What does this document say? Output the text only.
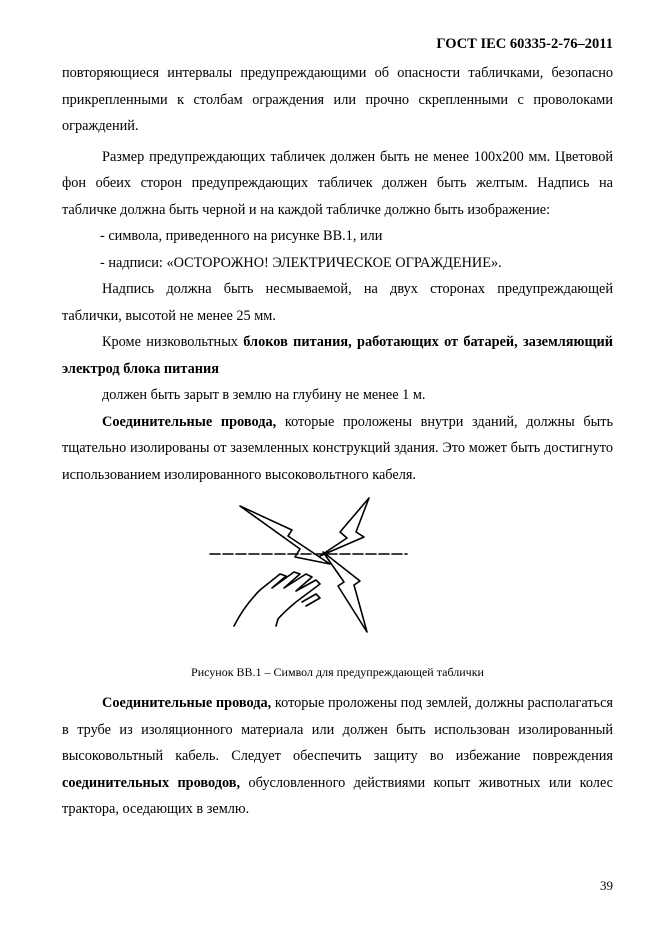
ГОСТ IEC 60335-2-76–2011

повторяющиеся интервалы предупреждающими об опасности табличками, безопасно прикрепленными к столбам ограждения или прочно скрепленными с проволоками ограждений.

Размер предупреждающих табличек должен быть не менее 100х200 мм. Цветовой фон обеих сторон предупреждающих табличек должен быть желтым. Надпись на табличке должна быть черной и на каждой табличке должно быть изображение:

- символа, приведенного на рисунке ВВ.1, или

- надписи: «ОСТОРОЖНО! ЭЛЕКТРИЧЕСКОЕ ОГРАЖДЕНИЕ».

Надпись должна быть несмываемой, на двух сторонах предупреждающей таблички, высотой не менее 25 мм.

Кроме низковольтных блоков питания, работающих от батарей, заземляющий электрод блока питания

должен быть зарыт в землю на глубину не менее 1 м.

Соединительные провода, которые проложены внутри зданий, должны быть тщательно изолированы от заземленных конструкций здания. Это может быть достигнуто использованием изолированного высоковольтного кабеля.

Рисунок ВВ.1 – Символ для предупреждающей таблички

Соединительные провода, которые проложены под землей, должны располагаться в трубе из изоляционного материала или должен быть использован изолированный высоковольтный кабель. Следует обеспечить защиту во избежание повреждения соединительных проводов, обусловленного действиями копыт животных или колес трактора, оседающих в землю.

39
